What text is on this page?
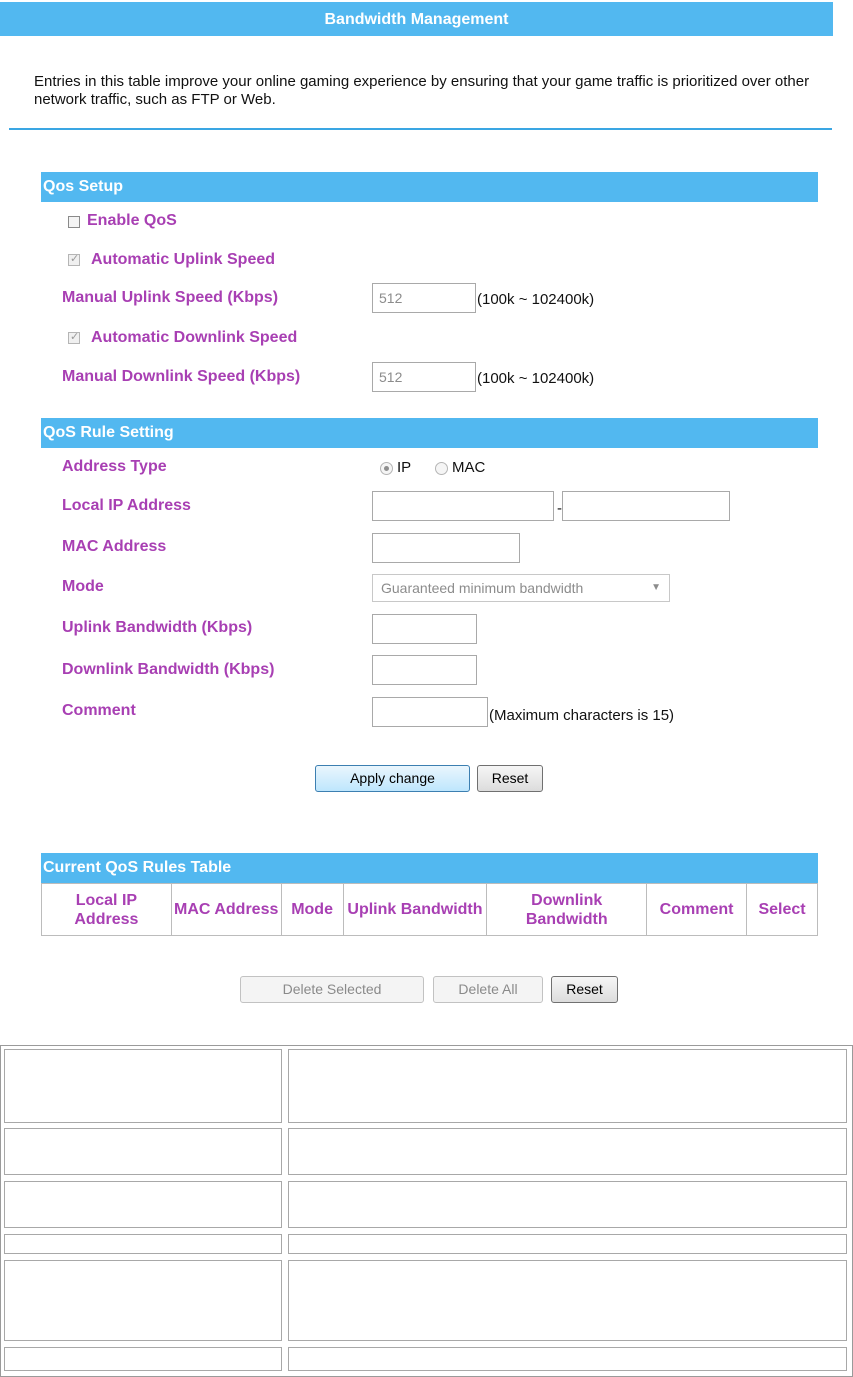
Bandwidth Management
Entries in this table improve your online gaming experience by ensuring that your game traffic is prioritized over other network traffic, such as FTP or Web.
Qos Setup
Enable QoS
✓ Automatic Uplink Speed
Manual Uplink Speed (Kbps)	512	(100k ~ 102400k)
✓ Automatic Downlink Speed
Manual Downlink Speed (Kbps)	512	(100k ~ 102400k)
QoS Rule Setting
Address Type	IP	MAC
Local IP Address	-
MAC Address
Mode	Guaranteed minimum bandwidth	▼
Uplink Bandwidth (Kbps)
Downlink Bandwidth (Kbps)
Comment	(Maximum characters is 15)
Apply change	Reset
Current QoS Rules Table
Local IP Address	MAC Address	Mode	Uplink Bandwidth	Downlink Bandwidth	Comment	Select
Delete Selected	Delete All	Reset
